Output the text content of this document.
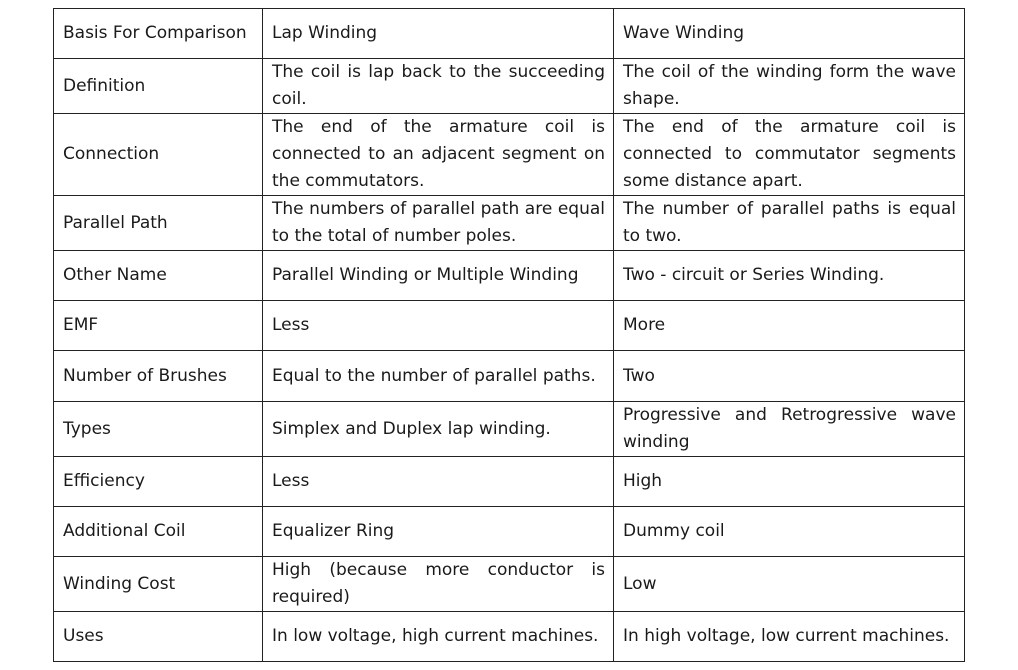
Basis For Comparison	Lap Winding	Wave Winding
Definition	The coil is lap back to the succeeding coil.	The coil of the winding form the wave shape.
Connection	The end of the armature coil is connected to an adjacent segment on the commutators.	The end of the armature coil is connected to commutator segments some distance apart.
Parallel Path	The numbers of parallel path are equal to the total of number poles.	The number of parallel paths is equal to two.
Other Name	Parallel Winding or Multiple Winding	Two - circuit or Series Winding.
EMF	Less	More
Number of Brushes	Equal to the number of parallel paths.	Two
Types	Simplex and Duplex lap winding.	Progressive and Retrogressive wave winding
Efficiency	Less	High
Additional Coil	Equalizer Ring	Dummy coil
Winding Cost	High (because more conductor is required)	Low
Uses	In low voltage, high current machines.	In high voltage, low current machines.
